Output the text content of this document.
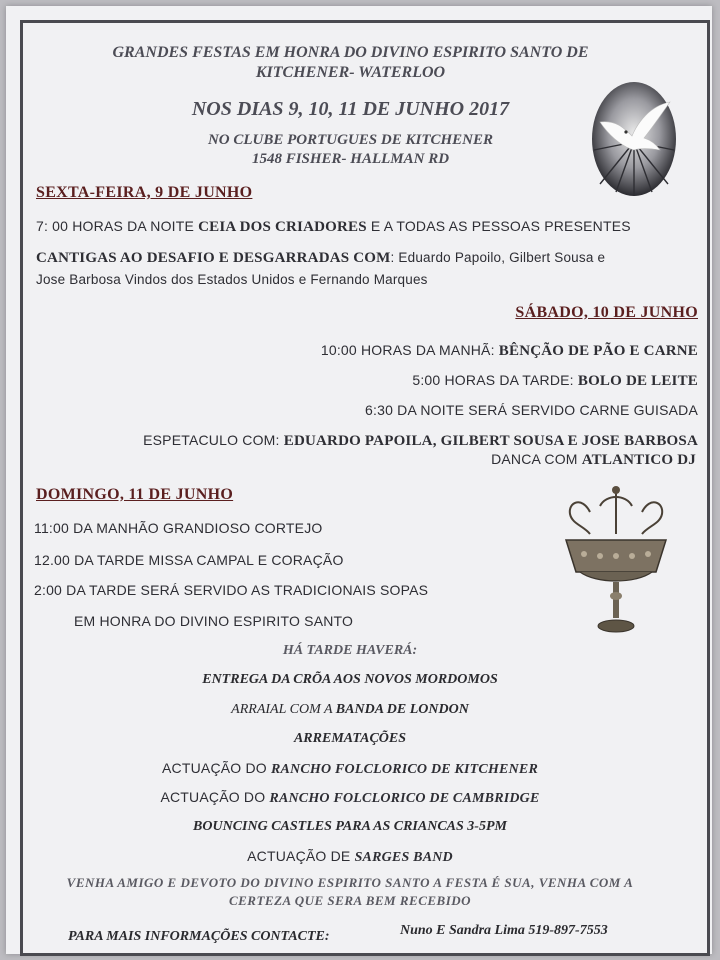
GRANDES FESTAS EM HONRA DO DIVINO ESPIRITO SANTO DE
KITCHENER- WATERLOO
NOS DIAS 9, 10, 11 DE JUNHO 2017
NO CLUBE PORTUGUES DE KITCHENER
1548 FISHER- HALLMAN RD
SEXTA-FEIRA, 9 DE JUNHO
7: 00 HORAS DA NOITE CEIA DOS CRIADORES E A TODAS AS PESSOAS PRESENTES
CANTIGAS AO DESAFIO E DESGARRADAS COM: Eduardo Papoilo, Gilbert Sousa e
Jose Barbosa Vindos dos Estados Unidos e Fernando Marques
SÁBADO, 10 DE JUNHO
10:00 HORAS DA MANHÃ: BÊNÇÃO DE PÃO E CARNE
5:00 HORAS DA TARDE: BOLO DE LEITE
6:30 DA NOITE SERÁ SERVIDO CARNE GUISADA
ESPETACULO COM: EDUARDO PAPOILA, GILBERT SOUSA E JOSE BARBOSA
DANCA COM ATLANTICO DJ
DOMINGO, 11 DE JUNHO
11:00 DA MANHÃO GRANDIOSO CORTEJO
12.00 DA TARDE MISSA CAMPAL E CORAÇÃO
2:00 DA TARDE SERÁ SERVIDO AS TRADICIONAIS SOPAS
EM HONRA DO DIVINO ESPIRITO SANTO
HÁ TARDE HAVERÁ:
ENTREGA DA CRÕA AOS NOVOS MORDOMOS
ARRAIAL COM A BANDA DE LONDON
ARREMATAÇÕES
ACTUAÇÃO DO RANCHO FOLCLORICO DE KITCHENER
ACTUAÇÃO DO RANCHO FOLCLORICO DE CAMBRIDGE
BOUNCING CASTLES PARA AS CRIANCAS 3-5PM
ACTUAÇÃO DE SARGES BAND
VENHA AMIGO E DEVOTO DO DIVINO ESPIRITO SANTO A FESTA É SUA, VENHA COM A
CERTEZA QUE SERA BEM RECEBIDO
PARA MAIS INFORMAÇÕES CONTACTE:	Nuno E Sandra Lima 519-897-7553
